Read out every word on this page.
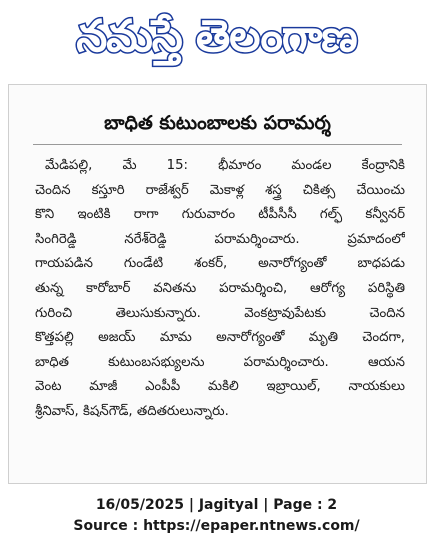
నమస్తే తెలంగాణ
బాధిత కుటుంబాలకు పరామర్శ
మేడిపల్లి, మే 15: భీమారం మండల కేంద్రానికి
చెందిన కస్తూరి రాజేశ్వర్ మెకాళ్ల శస్త్ర చికిత్స చేయించు
కొని ఇంటికి రాగా గురువారం టీపీసీసీ గల్ఫ్ కన్వీనర్
సింగిరెడ్డి నరేశ్‌రెడ్డి పరామర్శించారు. ప్రమాదంలో
గాయపడిన గుండేటి శంకర్, అనారోగ్యంతో బాధపడు
తున్న కారోబార్ వనితను పరామర్శించి, ఆరోగ్య పరిస్థితి
గురించి తెలుసుకున్నారు. వెంకట్రావుపేటకు చెందిన
కొత్తపల్లి అజయ్ మామ అనారోగ్యంతో మృతి చెందగా,
బాధిత కుటుంబసభ్యులను పరామర్శించారు. ఆయన
వెంట మాజీ ఎంపీపీ మకిలి ఇబ్రాయిల్, నాయకులు
శ్రీనివాస్, కిషన్‌గౌడ్, తదితరులున్నారు.
16/05/2025 | Jagityal | Page : 2
Source : https://epaper.ntnews.com/
